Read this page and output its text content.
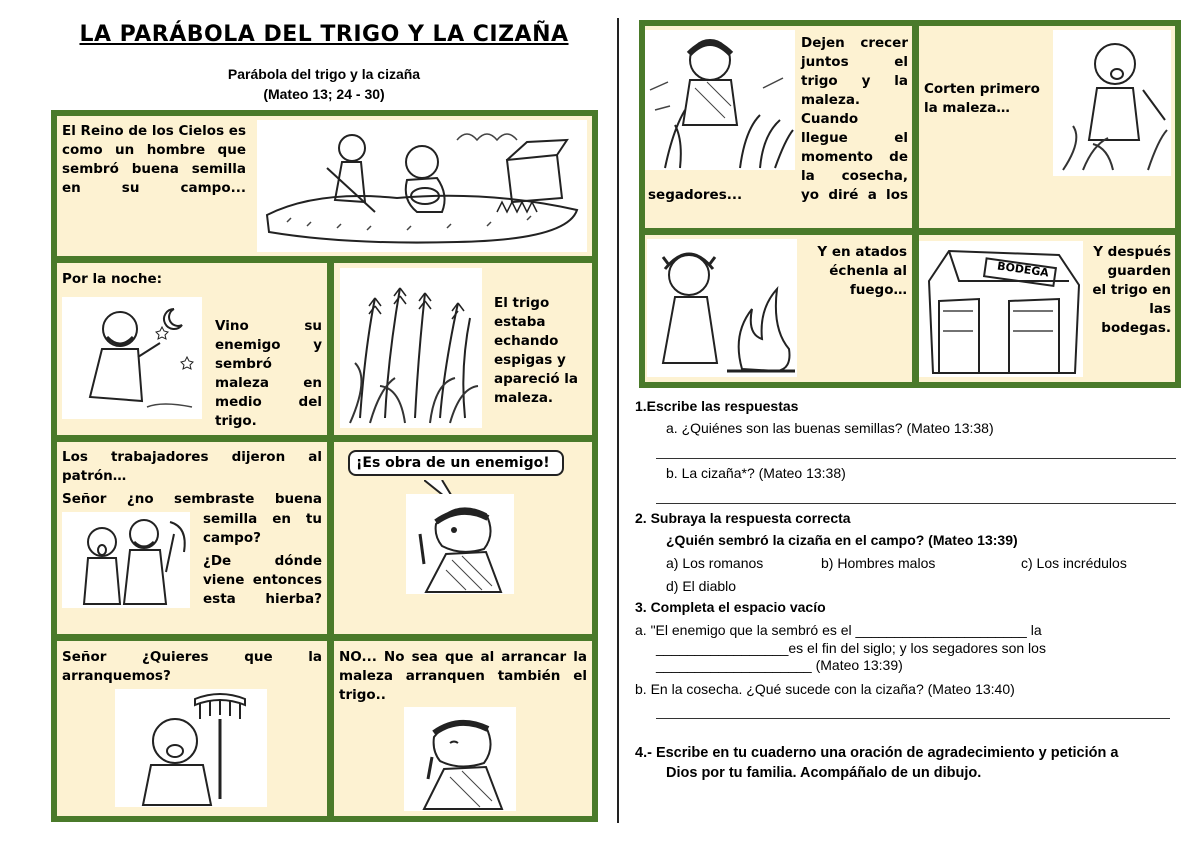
LA PARÁBOLA DEL TRIGO Y LA CIZAÑA
Parábola del trigo y la cizaña
(Mateo 13; 24 - 30)
El Reino de los Cielos es como un hombre que sembró buena semilla en su campo...
Por la noche:
Vino su enemigo y sembró maleza en medio del trigo.
El trigo estaba echando espigas y apareció la maleza.
Los trabajadores dijeron al patrón…
Señor ¿no sembraste buena
semilla en tu campo?
¿De dónde viene entonces esta hierba?
¡Es obra de un enemigo!
Señor ¿Quieres que la arranquemos?
NO... No sea que al arrancar la maleza arranquen también el trigo..
Dejen crecer juntos el trigo y la maleza. Cuando llegue el momento de la cosecha, yo diré a los
segadores...
Corten primero la maleza…
Y en atados échenla al fuego…
BODEGA
Y después guarden el trigo en las bodegas.
1.Escribe las respuestas
a. ¿Quiénes son las buenas semillas? (Mateo 13:38)
b. La cizaña*? (Mateo 13:38)
2. Subraya la respuesta correcta
¿Quién sembró la cizaña en el campo? (Mateo 13:39)
a) Los romanos	b) Hombres malos	c) Los incrédulos
d) El diablo
3. Completa el espacio vacío
a. "El enemigo que la sembró es el ______________________ la
_________________es el fin del siglo; y los segadores son los
____________________ (Mateo 13:39)
b. En la cosecha. ¿Qué sucede con la cizaña? (Mateo 13:40)
4.- Escribe en tu cuaderno una oración de agradecimiento y petición a
Dios por tu familia. Acompáñalo de un dibujo.
